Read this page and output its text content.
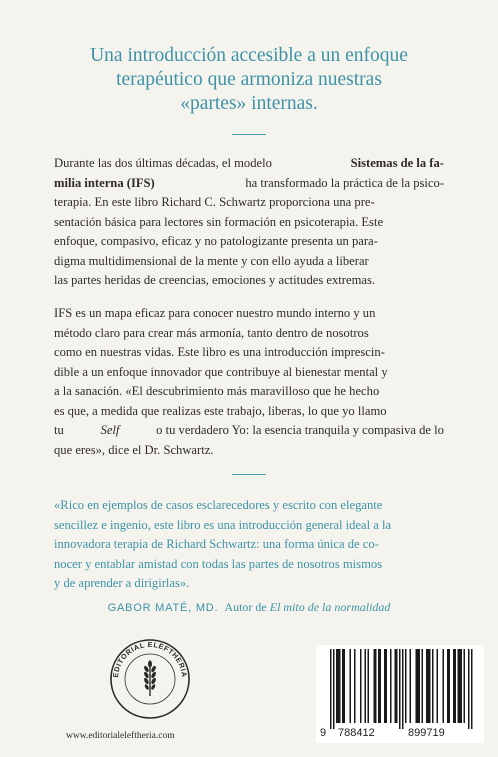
Una introducción accesible a un enfoque
terapéutico que armoniza nuestras
«partes» internas.
Durante las dos últimas décadas, el modelo	Sistemas de la fa-
milia interna (IFS)	ha transformado la práctica de la psico-
terapia. En este libro Richard C. Schwartz proporciona una pre-
sentación básica para lectores sin formación en psicoterapia. Este
enfoque, compasivo, eficaz y no patologizante presenta un para-
digma multidimensional de la mente y con ello ayuda a liberar
las partes heridas de creencias, emociones y actitudes extremas.
IFS es un mapa eficaz para conocer nuestro mundo interno y un
método claro para crear más armonía, tanto dentro de nosotros
como en nuestras vidas. Este libro es una introducción imprescin-
dible a un enfoque innovador que contribuye al bienestar mental y
a la sanación. «El descubrimiento más maravilloso que he hecho
es que, a medida que realizas este trabajo, liberas, lo que yo llamo
tu	Self	o tu verdadero Yo: la esencia tranquila y compasiva de lo
que eres», dice el Dr. Schwartz.
«Rico en ejemplos de casos esclarecedores y escrito con elegante
sencillez e ingenio, este libro es una introducción general ideal a la
innovadora terapia de Richard Schwartz: una forma única de co-
nocer y entablar amistad con todas las partes de nosotros mismos
y de aprender a dirigirlas».
GABOR MATÉ, MD. Autor de El mito de la normalidad
EDITORIAL ELEFTHERIA
www.editorialeleftheria.com	9 788412	899719
